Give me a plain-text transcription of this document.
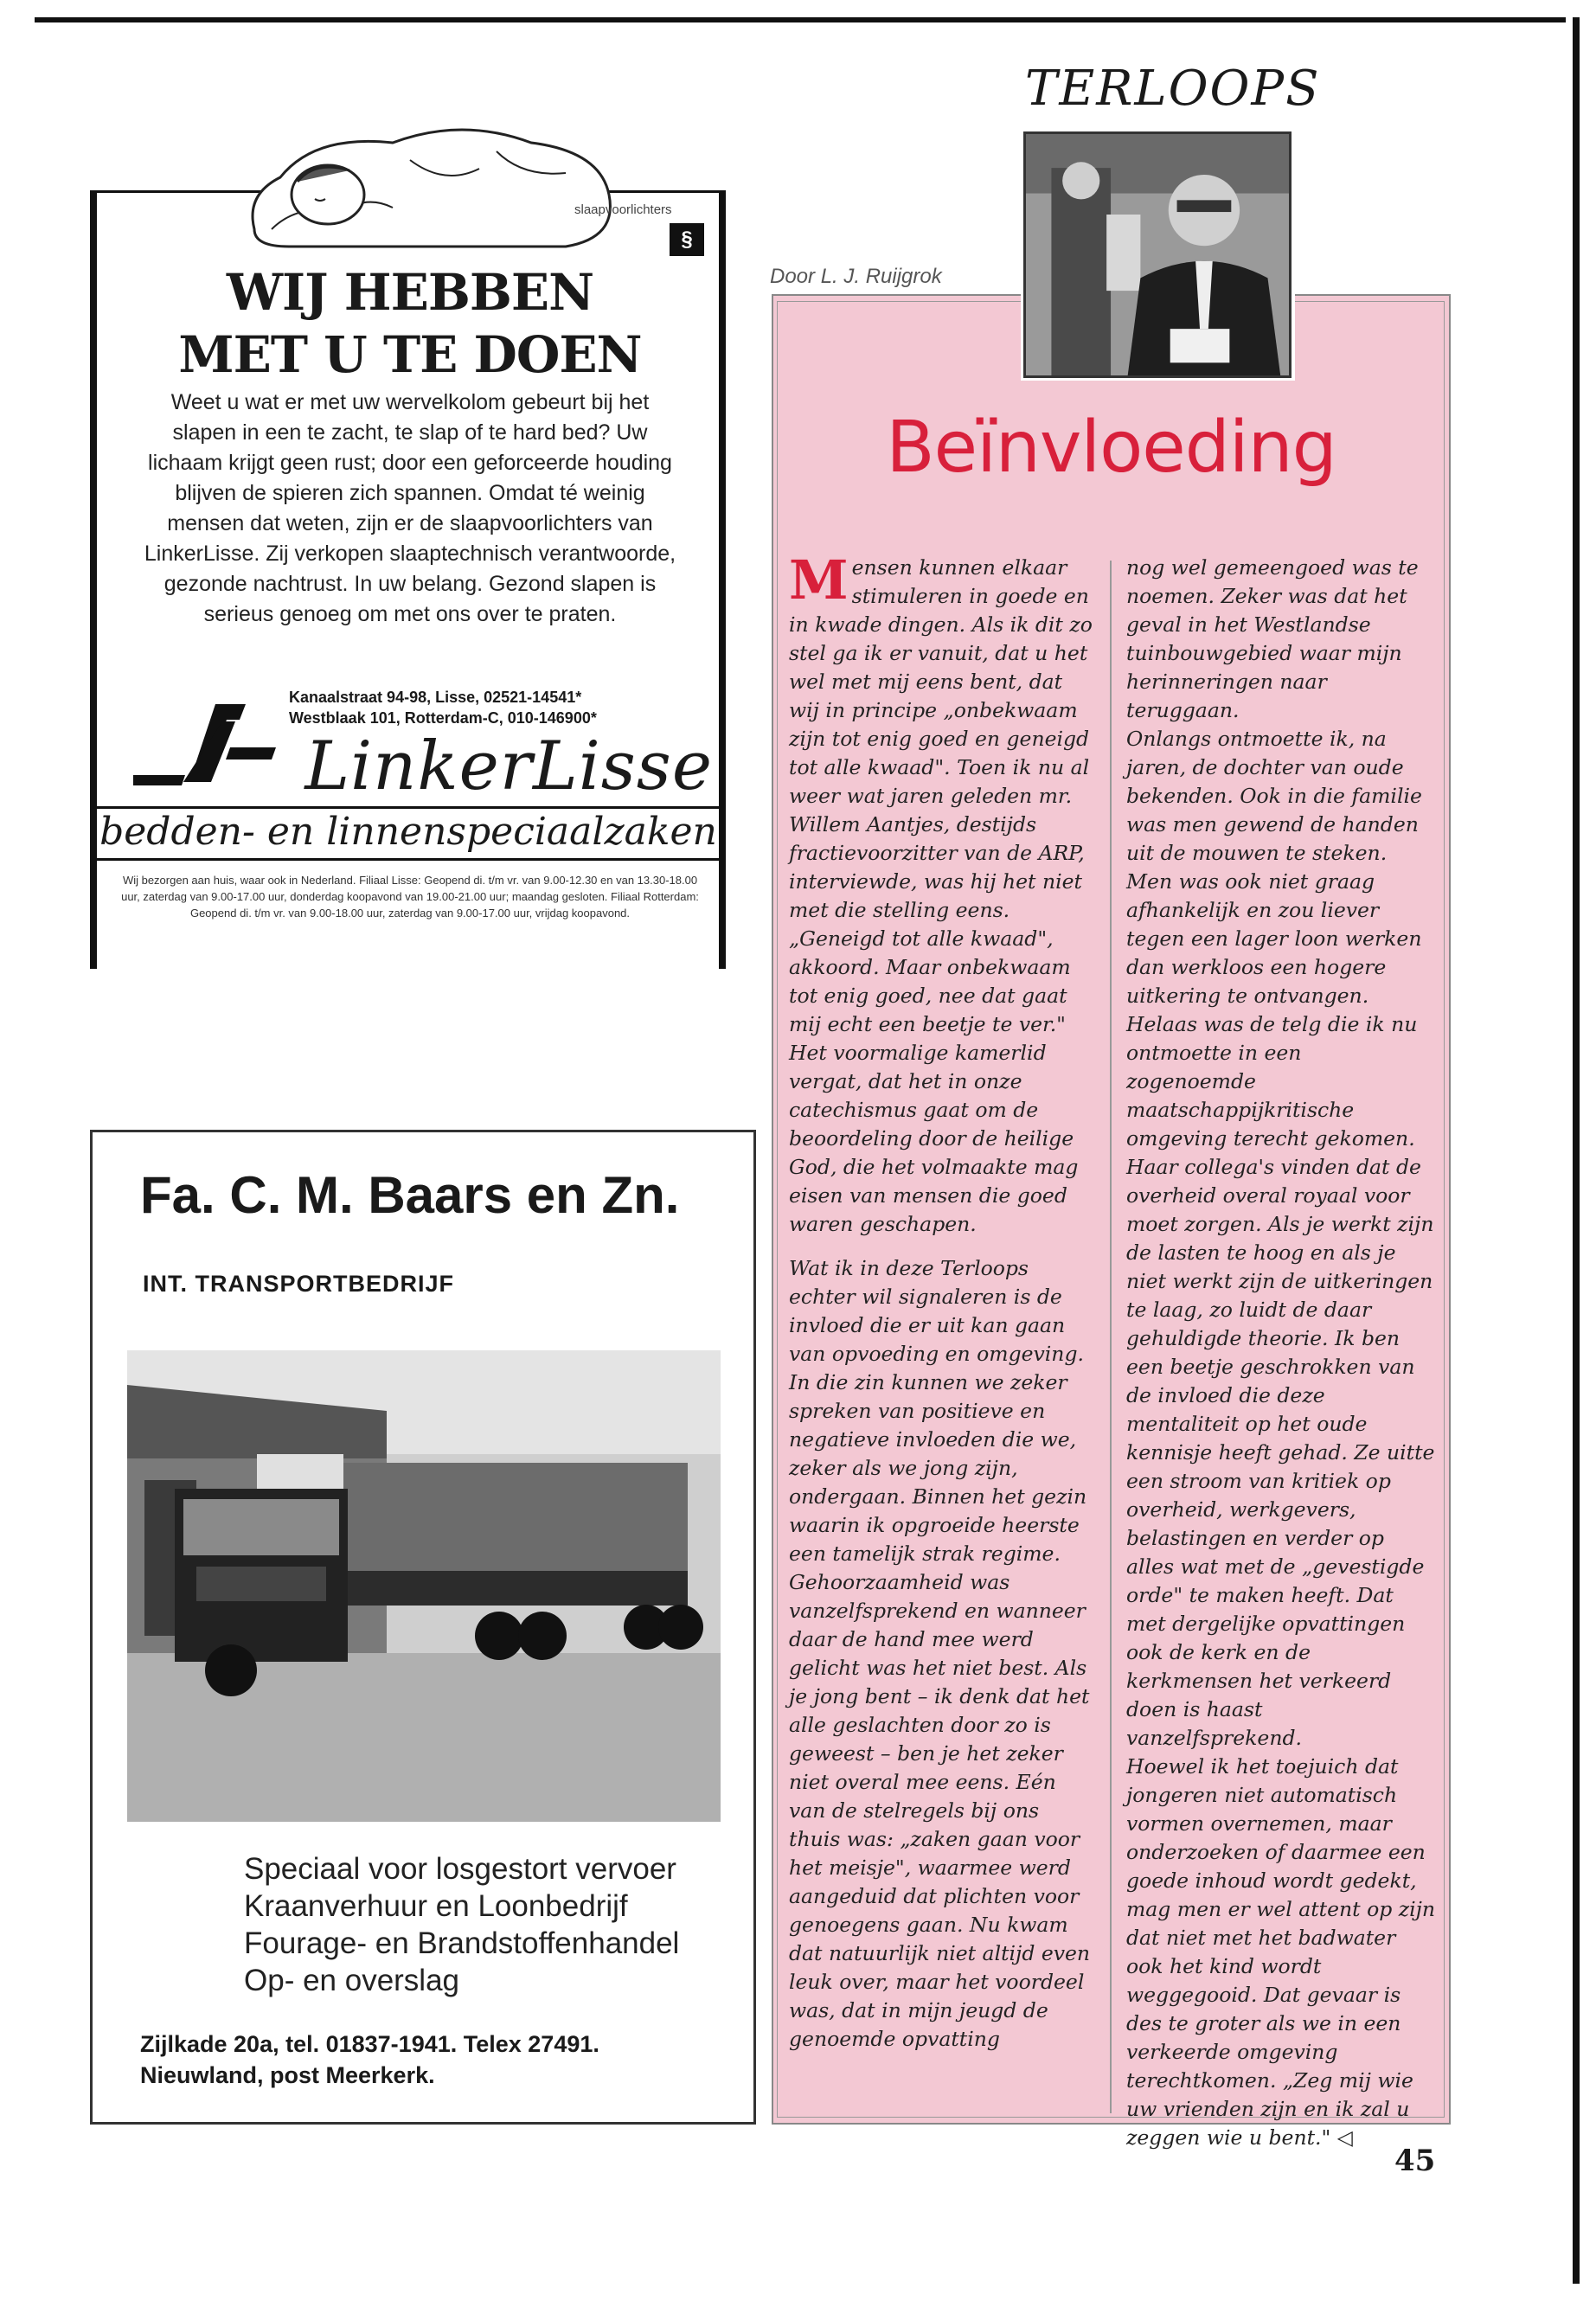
slaapvoorlichters
§
WIJ HEBBEN
MET U TE DOEN
Weet u wat er met uw wervelkolom gebeurt bij het slapen in een te zacht, te slap of te hard bed? Uw lichaam krijgt geen rust; door een geforceerde houding blijven de spieren zich spannen. Omdat té weinig mensen dat weten, zijn er de slaapvoorlichters van LinkerLisse. Zij verkopen slaaptechnisch verantwoorde, gezonde nachtrust. In uw belang. Gezond slapen is serieus genoeg om met ons over te praten.
Kanaalstraat 94-98, Lisse, 02521-14541*
Westblaak 101, Rotterdam-C, 010-146900*
LinkerLisse
bedden- en linnenspeciaalzaken
Wij bezorgen aan huis, waar ook in Nederland. Filiaal Lisse: Geopend di. t/m vr. van 9.00-12.30 en van 13.30-18.00 uur, zaterdag van 9.00-17.00 uur, donderdag koopavond van 19.00-21.00 uur; maandag gesloten. Filiaal Rotterdam: Geopend di. t/m vr. van 9.00-18.00 uur, zaterdag van 9.00-17.00 uur, vrijdag koopavond.
Fa. C. M. Baars en Zn.
INT. TRANSPORTBEDRIJF
Speciaal voor losgestort vervoer
Kraanverhuur en Loonbedrijf
Fourage- en Brandstoffenhandel
Op- en overslag
Zijlkade 20a, tel. 01837-1941. Telex 27491.
Nieuwland, post Meerkerk.
TERLOOPS
Door L. J. Ruijgrok
Beïnvloeding

Mensen kunnen elkaar stimuleren in goede en in kwade dingen. Als ik dit zo stel ga ik er vanuit, dat u het wel met mij eens bent, dat wij in principe „onbekwaam zijn tot enig goed en geneigd tot alle kwaad". Toen ik nu al weer wat jaren geleden mr. Willem Aantjes, destijds fractievoorzitter van de ARP, interviewde, was hij het niet met die stelling eens. „Geneigd tot alle kwaad", akkoord. Maar onbekwaam tot enig goed, nee dat gaat mij echt een beetje te ver." Het voormalige kamerlid vergat, dat het in onze catechismus gaat om de beoordeling door de heilige God, die het volmaakte mag eisen van mensen die goed waren geschapen.

Wat ik in deze Terloops echter wil signaleren is de invloed die er uit kan gaan van opvoeding en omgeving. In die zin kunnen we zeker spreken van positieve en negatieve invloeden die we, zeker als we jong zijn, ondergaan. Binnen het gezin waarin ik opgroeide heerste een tamelijk strak regime. Gehoorzaamheid was vanzelfsprekend en wanneer daar de hand mee werd gelicht was het niet best. Als je jong bent – ik denk dat het alle geslachten door zo is geweest – ben je het zeker niet overal mee eens. Eén van de stelregels bij ons thuis was: „zaken gaan voor het meisje", waarmee werd aangeduid dat plichten voor genoegens gaan. Nu kwam dat natuurlijk niet altijd even leuk over, maar het voordeel was, dat in mijn jeugd de genoemde opvatting

nog wel gemeengoed was te noemen. Zeker was dat het geval in het Westlandse tuinbouwgebied waar mijn herinneringen naar teruggaan.

Onlangs ontmoette ik, na jaren, de dochter van oude bekenden. Ook in die familie was men gewend de handen uit de mouwen te steken. Men was ook niet graag afhankelijk en zou liever tegen een lager loon werken dan werkloos een hogere uitkering te ontvangen. Helaas was de telg die ik nu ontmoette in een zogenoemde maatschappijkritische omgeving terecht gekomen. Haar collega's vinden dat de overheid overal royaal voor moet zorgen. Als je werkt zijn de lasten te hoog en als je niet werkt zijn de uitkeringen te laag, zo luidt de daar gehuldigde theorie. Ik ben een beetje geschrokken van de invloed die deze mentaliteit op het oude kennisje heeft gehad. Ze uitte een stroom van kritiek op overheid, werkgevers, belastingen en verder op alles wat met de „gevestigde orde" te maken heeft. Dat met dergelijke opvattingen ook de kerk en de kerkmensen het verkeerd doen is haast vanzelfsprekend.

Hoewel ik het toejuich dat jongeren niet automatisch vormen overnemen, maar onderzoeken of daarmee een goede inhoud wordt gedekt, mag men er wel attent op zijn dat niet met het badwater ook het kind wordt weggegooid. Dat gevaar is des te groter als we in een verkeerde omgeving terechtkomen. „Zeg mij wie uw vrienden zijn en ik zal u zeggen wie u bent." ◁

45
